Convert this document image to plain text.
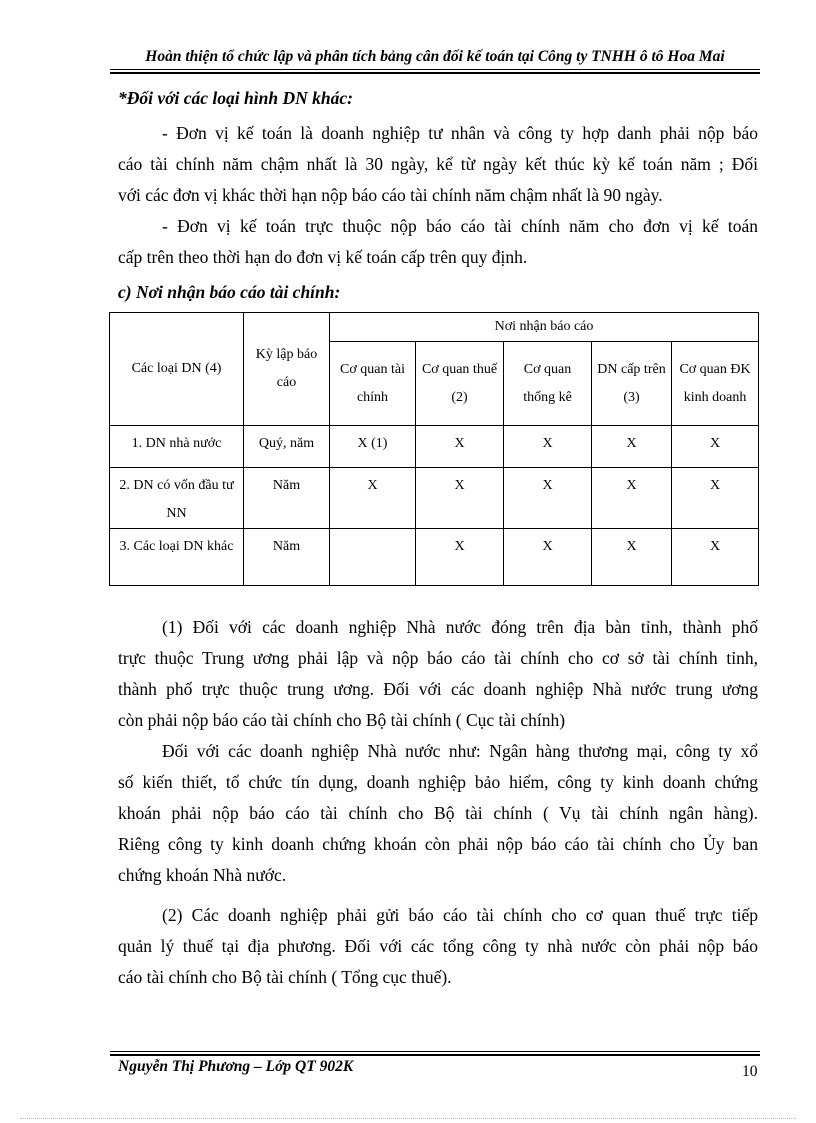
Hoàn thiện tổ chức lập và phân tích bảng cân đối kế toán tại Công ty TNHH ô tô Hoa Mai
*Đối với các loại hình DN khác:
- Đơn vị kế toán là doanh nghiệp tư nhân và công ty hợp danh phải nộp báo
cáo tài chính năm chậm nhất là 30 ngày, kể từ ngày kết thúc kỳ kế toán năm ; Đối
với các đơn vị khác thời hạn nộp báo cáo tài chính năm chậm nhất là 90 ngày.
- Đơn vị kế toán trực thuộc nộp báo cáo tài chính năm cho đơn vị kế toán
cấp trên theo thời hạn do đơn vị kế toán cấp trên quy định.
c) Nơi nhận báo cáo tài chính:
Các loại DN (4)	Kỳ lập báo cáo	Nơi nhận báo cáo				
		Cơ quan tài chính	Cơ quan thuế (2)	Cơ quan thống kê	DN cấp trên (3)	Cơ quan ĐK kinh doanh
1. DN nhà nước	Quý, năm	X (1)	X	X	X	X
2. DN có vốn đầu tư NN	Năm	X	X	X	X	X
3. Các loại DN khác	Năm		X	X	X	X
(1) Đối với các doanh nghiệp Nhà nước đóng trên địa bàn tỉnh, thành phố
trực thuộc Trung ương phải lập và nộp báo cáo tài chính cho cơ sở tài chính tỉnh,
thành phố trực thuộc trung ương. Đối với các doanh nghiệp Nhà nước trung ương
còn phải nộp báo cáo tài chính cho Bộ tài chính ( Cục tài chính)
Đối với các doanh nghiệp Nhà nước như: Ngân hàng thương mại, công ty xổ
số kiến thiết, tổ chức tín dụng, doanh nghiệp bảo hiểm, công ty kinh doanh chứng
khoán phải nộp báo cáo tài chính cho Bộ tài chính ( Vụ tài chính ngân hàng).
Riêng công ty kinh doanh chứng khoán còn phải nộp báo cáo tài chính cho Ủy ban
chứng khoán Nhà nước.
(2) Các doanh nghiệp phải gửi báo cáo tài chính cho cơ quan thuế trực tiếp
quản lý thuế tại địa phương. Đối với các tổng công ty nhà nước còn phải nộp báo
cáo tài chính cho Bộ tài chính ( Tổng cục thuế).
Nguyễn Thị Phương – Lớp QT 902K	10
